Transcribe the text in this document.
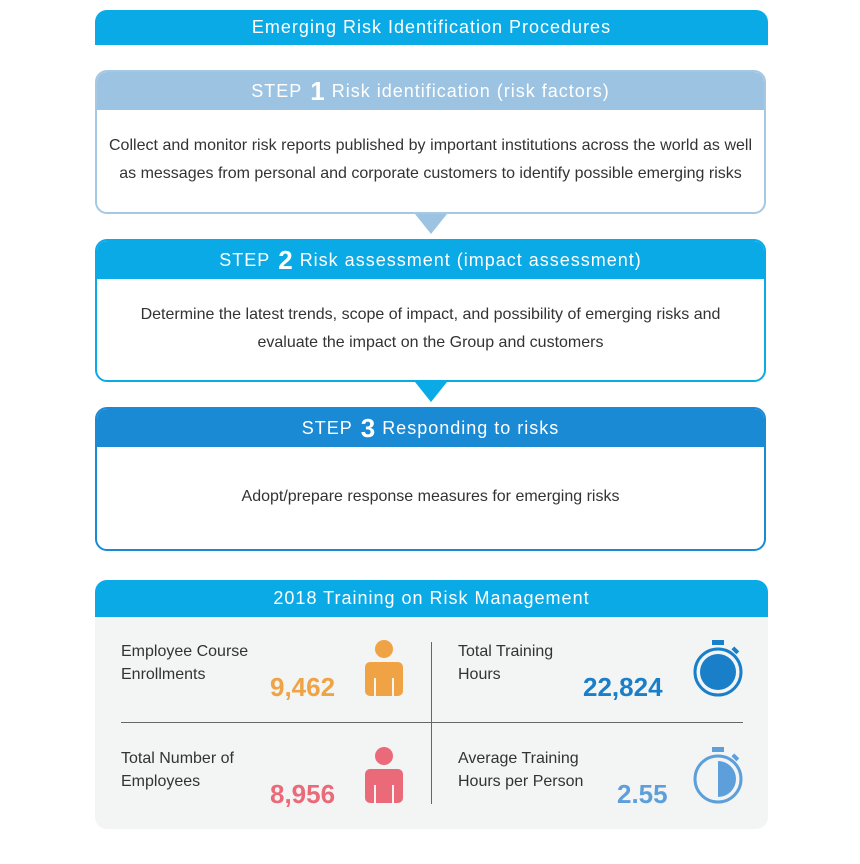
Emerging Risk Identification Procedures
STEP 1 Risk identification (risk factors)
Collect and monitor risk reports published by important institutions across the world as well as messages from personal and corporate customers to identify possible emerging risks
STEP 2 Risk assessment (impact assessment)
Determine the latest trends, scope of impact, and possibility of emerging risks and evaluate the impact on the Group and customers
STEP 3 Responding to risks
Adopt/prepare response measures for emerging risks
2018 Training on Risk Management
Employee Course
Enrollments	9,462
Total Training
Hours	22,824
Total Number of
Employees	8,956
Average Training
Hours per Person 2.55
